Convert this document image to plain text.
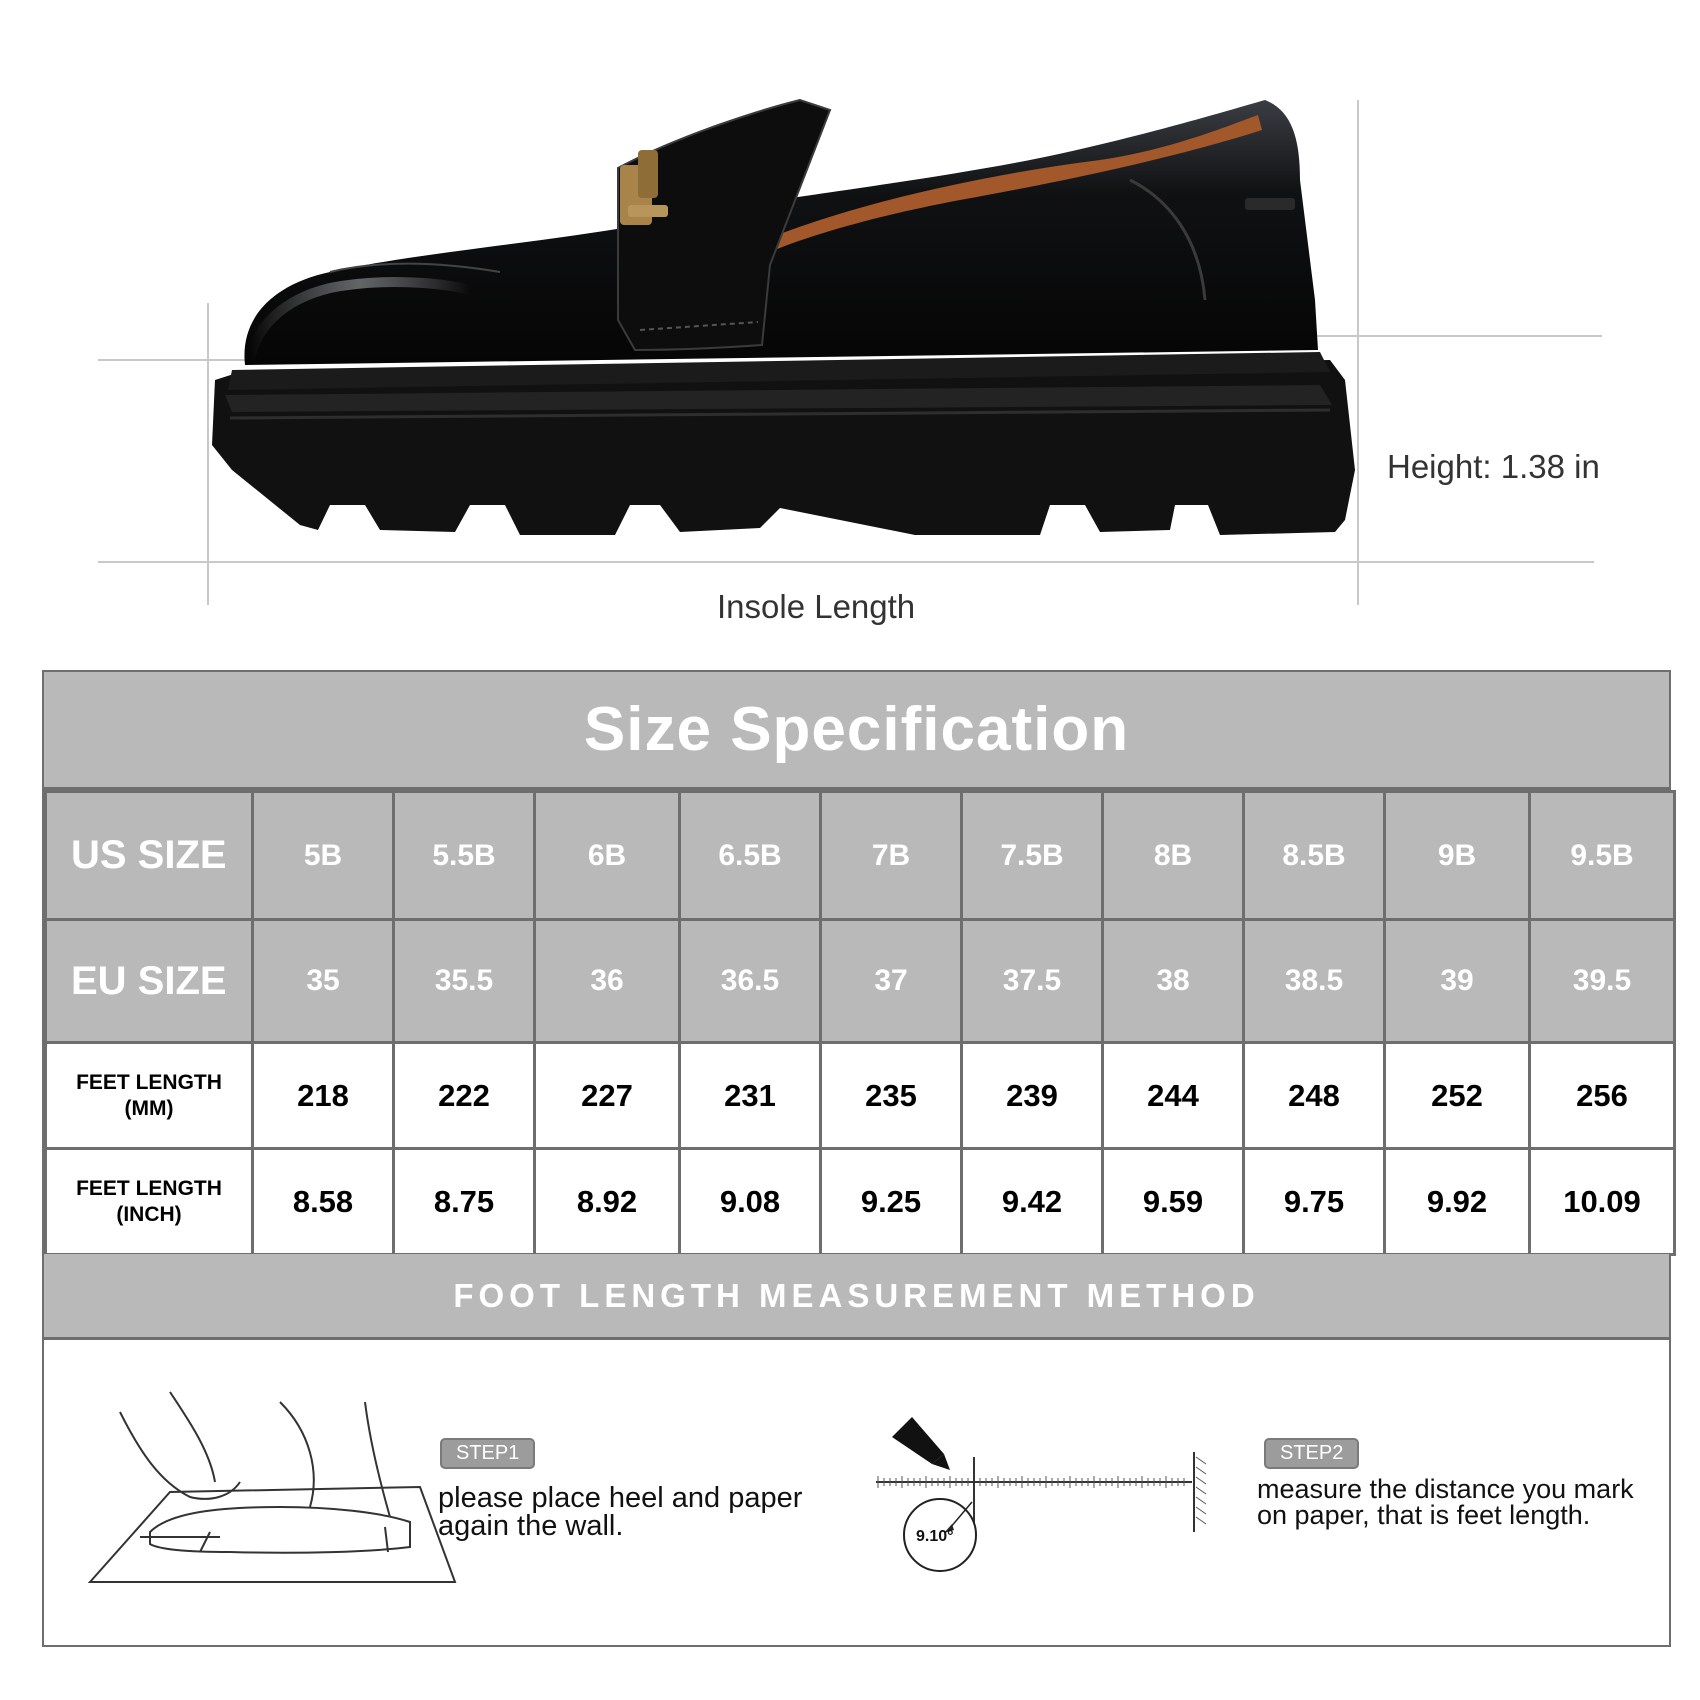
Height: 1.38 in
Insole Length
Size Specification
US SIZE	5B	5.5B	6B	6.5B	7B	7.5B	8B	8.5B	9B	9.5B
EU SIZE	35	35.5	36	36.5	37	37.5	38	38.5	39	39.5

FEET LENGTH
(MM)	218	222	227	231	235	239	244	248	252	256

FEET LENGTH
(INCH)	8.58	8.75	8.92	9.08	9.25	9.42	9.59	9.75	9.92	10.09
FOOT LENGTH MEASUREMENT METHOD
STEP1
please place heel and paper
again the wall.	9.10°
STEP2
measure the distance you mark
on paper, that is feet length.
